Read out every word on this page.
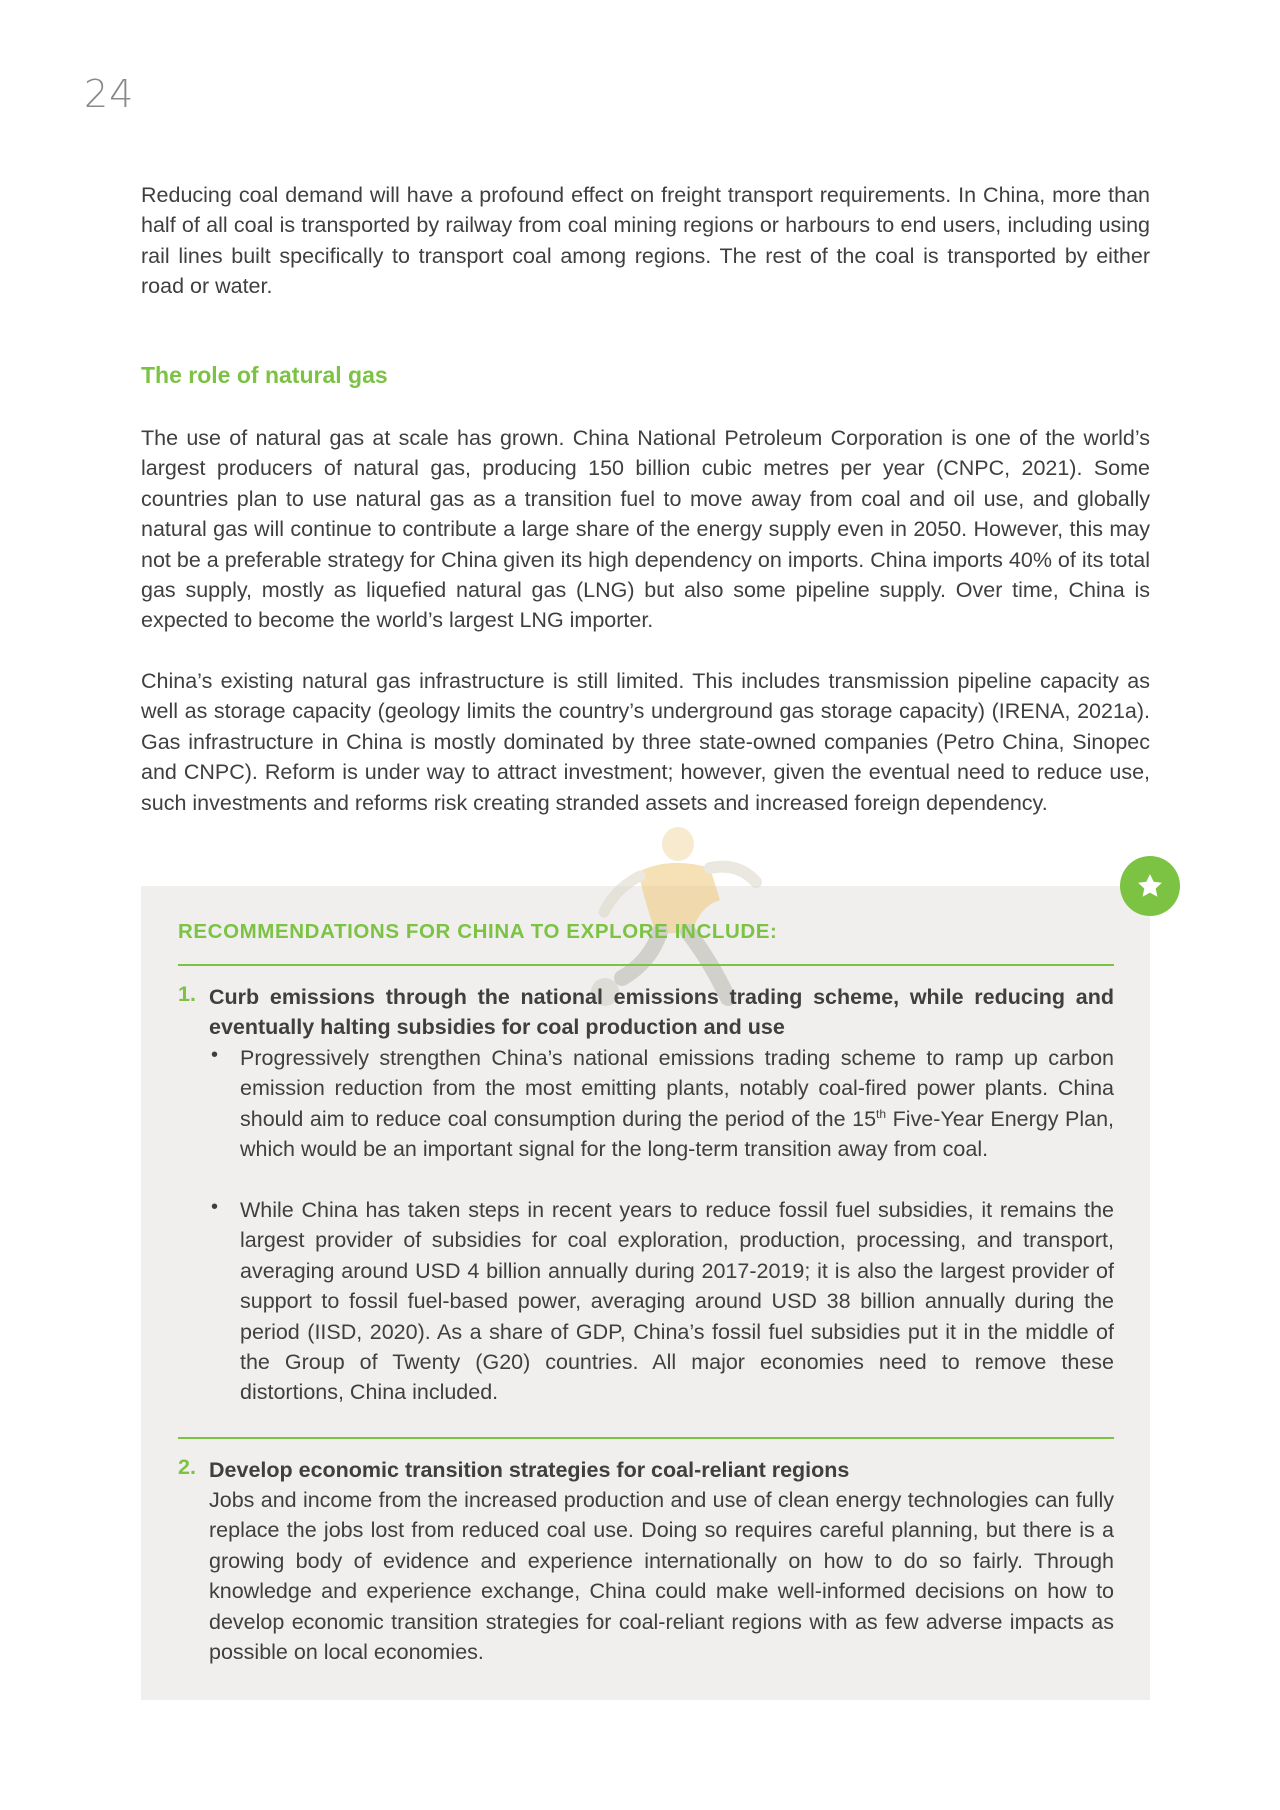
24

Reducing coal demand will have a profound effect on freight transport requirements. In China, more than half of all coal is transported by railway from coal mining regions or harbours to end users, including using rail lines built specifically to transport coal among regions. The rest of the coal is transported by either road or water.

The role of natural gas

The use of natural gas at scale has grown. China National Petroleum Corporation is one of the world’s largest producers of natural gas, producing 150 billion cubic metres per year (CNPC, 2021). Some countries plan to use natural gas as a transition fuel to move away from coal and oil use, and globally natural gas will continue to contribute a large share of the energy supply even in 2050. However, this may not be a preferable strategy for China given its high dependency on imports. China imports 40% of its total gas supply, mostly as liquefied natural gas (LNG) but also some pipeline supply. Over time, China is expected to become the world’s largest LNG importer.

China’s existing natural gas infrastructure is still limited. This includes transmission pipeline capacity as well as storage capacity (geology limits the country’s underground gas storage capacity) (IRENA, 2021a). Gas infrastructure in China is mostly dominated by three state-owned companies (Petro China, Sinopec and CNPC). Reform is under way to attract investment; however, given the eventual need to reduce use, such investments and reforms risk creating stranded assets and increased foreign dependency.

RECOMMENDATIONS FOR CHINA TO EXPLORE INCLUDE:
1. Curb emissions through the national emissions trading scheme, while reducing and eventually halting subsidies for coal production and use

• Progressively strengthen China’s national emissions trading scheme to ramp up carbon emission reduction from the most emitting plants, notably coal-fired power plants. China should aim to reduce coal consumption during the period of the 15th Five-Year Energy Plan, which would be an important signal for the long-term transition away from coal.

• While China has taken steps in recent years to reduce fossil fuel subsidies, it remains the largest provider of subsidies for coal exploration, production, processing, and transport, averaging around USD 4 billion annually during 2017-2019; it is also the largest provider of support to fossil fuel-based power, averaging around USD 38 billion annually during the period (IISD, 2020). As a share of GDP, China’s fossil fuel subsidies put it in the middle of the Group of Twenty (G20) countries. All major economies need to remove these distortions, China included.

2. Develop economic transition strategies for coal-reliant regions

Jobs and income from the increased production and use of clean energy technologies can fully replace the jobs lost from reduced coal use. Doing so requires careful planning, but there is a growing body of evidence and experience internationally on how to do so fairly. Through knowledge and experience exchange, China could make well-informed decisions on how to develop economic transition strategies for coal-reliant regions with as few adverse impacts as possible on local economies.
